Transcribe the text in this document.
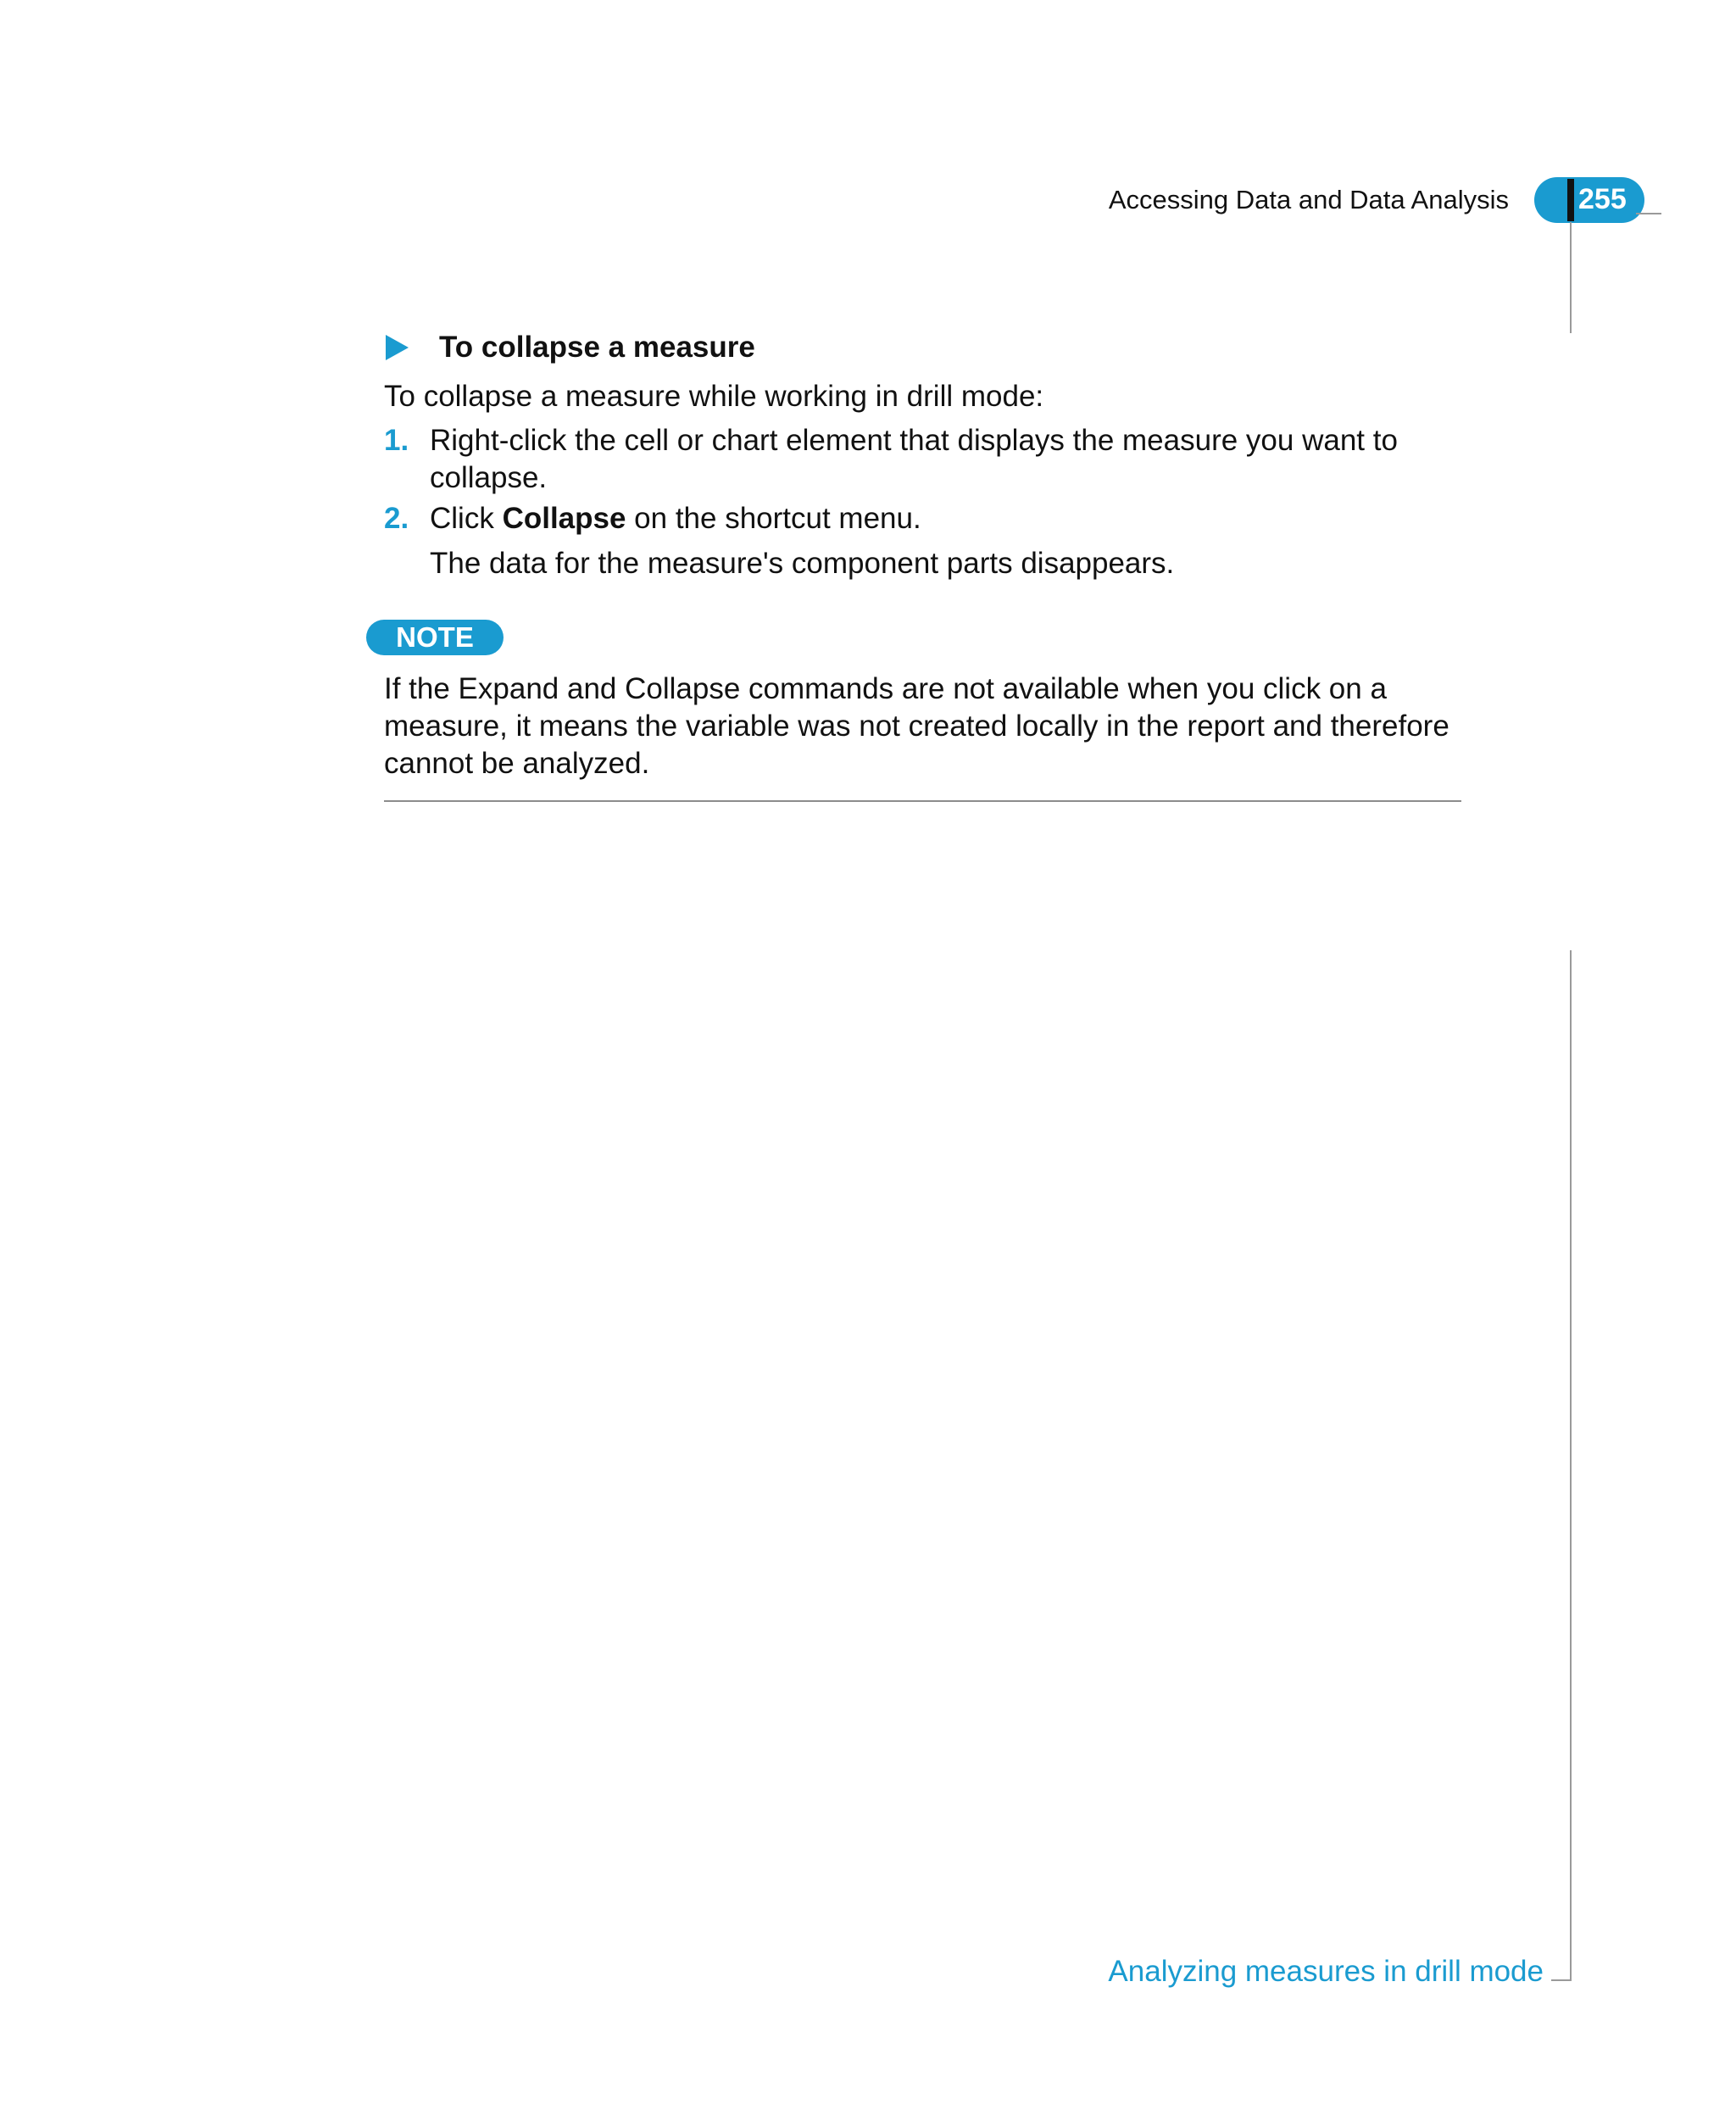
Accessing Data and Data Analysis 255
To collapse a measure
To collapse a measure while working in drill mode:
1. Right-click the cell or chart element that displays the measure you want to collapse.
2. Click Collapse on the shortcut menu.
The data for the measure's component parts disappears.
NOTE
If the Expand and Collapse commands are not available when you click on a measure, it means the variable was not created locally in the report and therefore cannot be analyzed.
Analyzing measures in drill mode
